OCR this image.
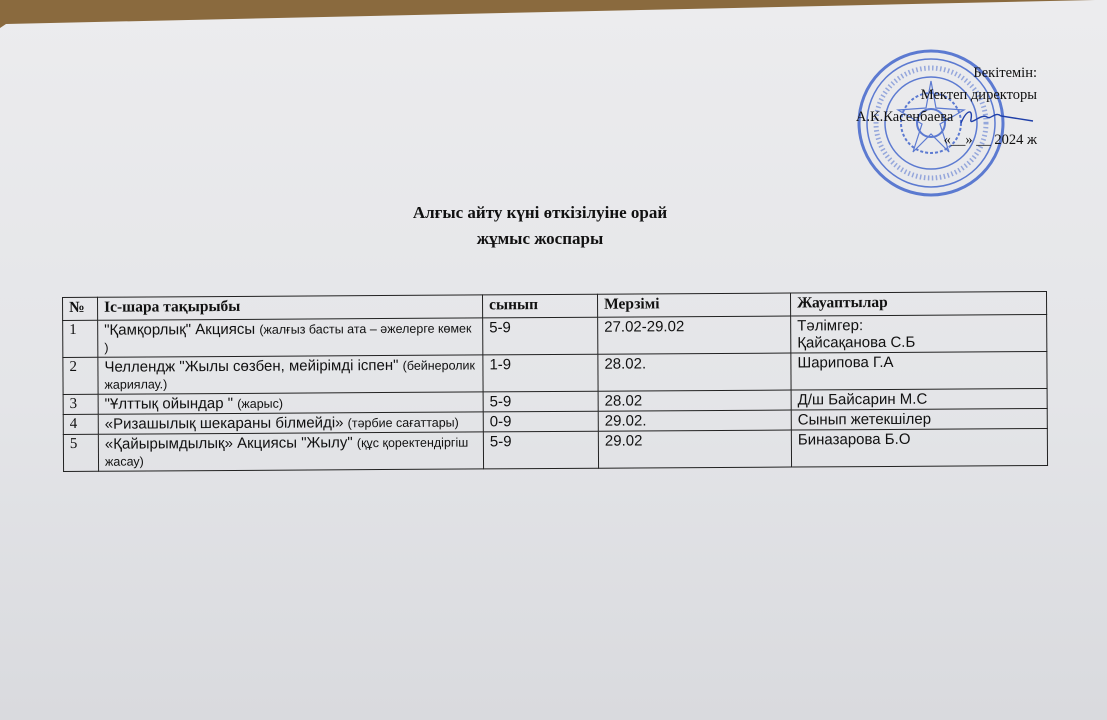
Бекітемін:
Мектеп директоры
А.К.Касенбаева
«__» __ 2024 ж
Алғыс айту күні өткізілуіне орай
жұмыс жоспары
№	Іс-шара тақырыбы	сынып	Мерзімі	Жауаптылар
1	"Қамқорлық" Акциясы (жалғыз басты ата – әжелерге көмек )	5-9	27.02-29.02	Тәлімгер:
Қайсақанова С.Б
2	Челлендж "Жылы сөзбен, мейірімді іспен" (бейнеролик жариялау.)	1-9	28.02.	Шарипова Г.А
3	"Ұлттық ойындар " (жарыс)	5-9	28.02	Д/ш Байсарин М.С
4	«Ризашылық шекараны білмейді» (тәрбие сағаттары)	0-9	29.02.	Сынып жетекшілер
5	«Қайырымдылық» Акциясы "Жылу" (құс қоректендіргіш жасау)	5-9	29.02	Биназарова Б.О
